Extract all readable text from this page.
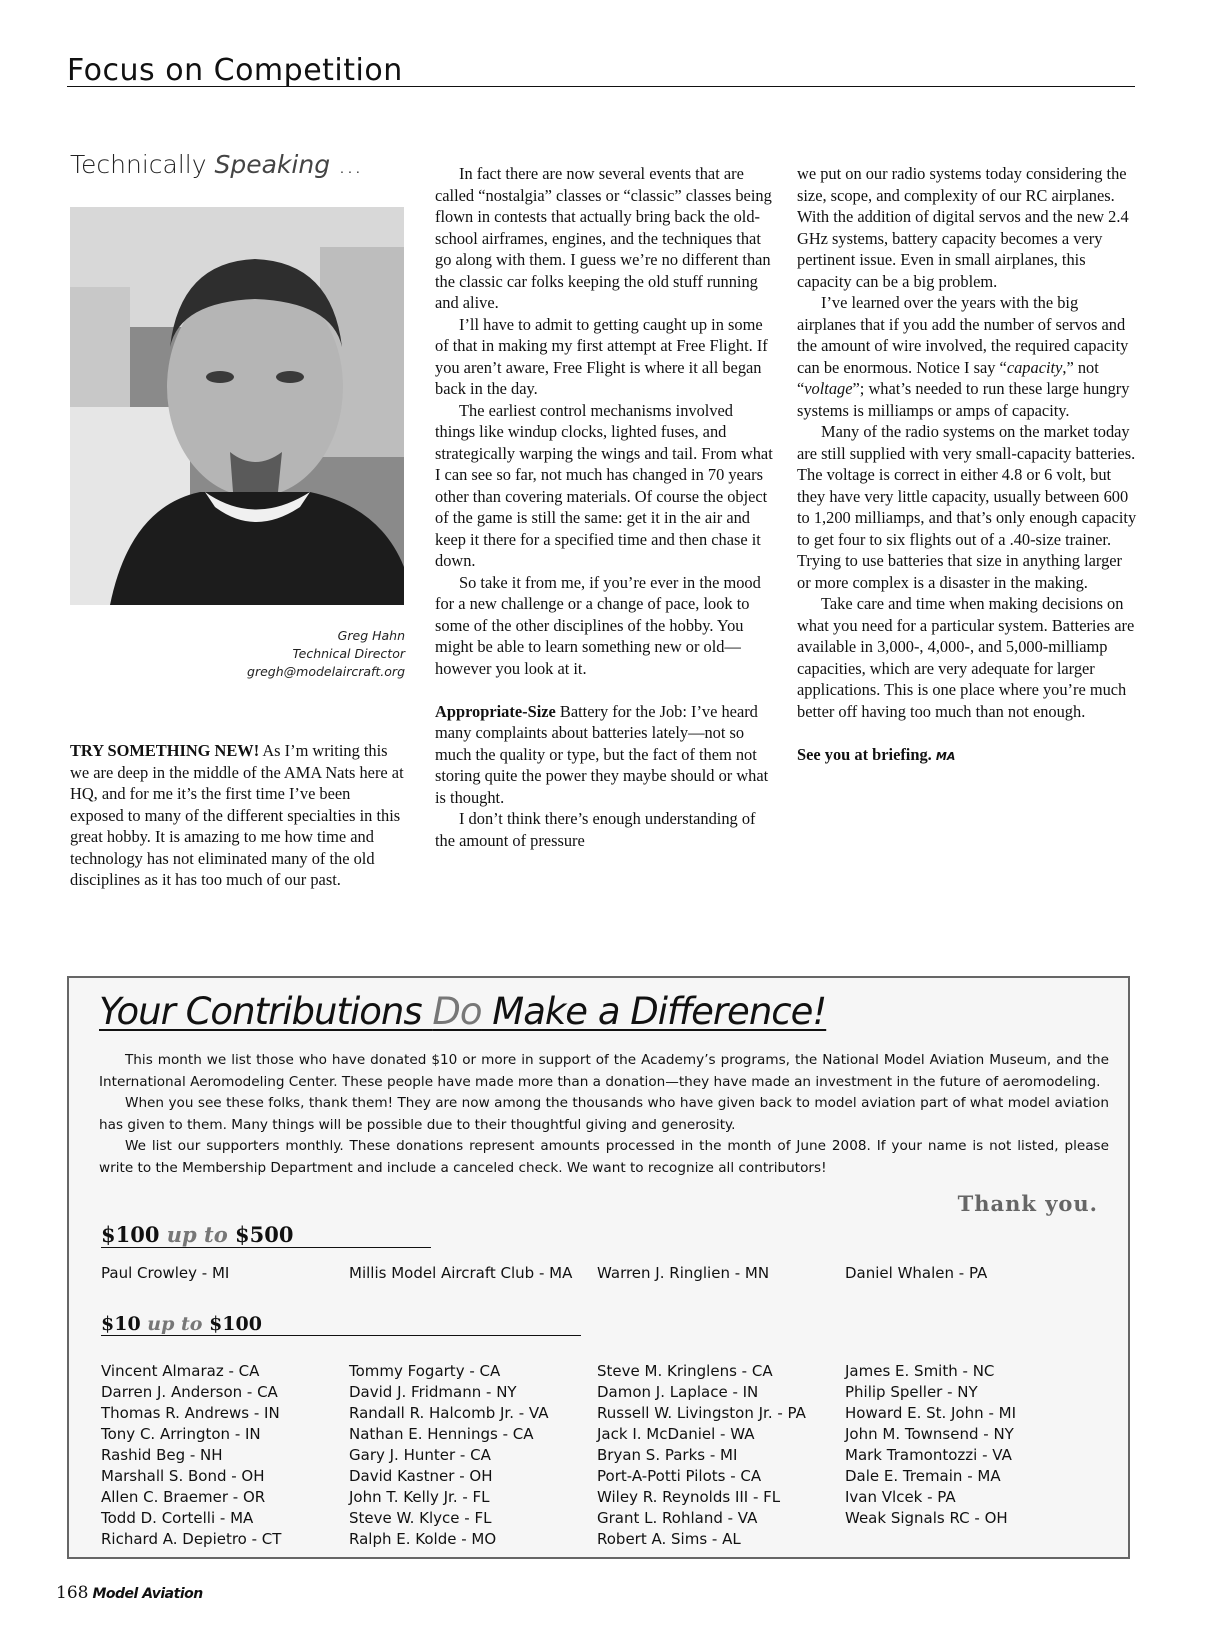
Focus on Competition
Technically Speaking ...
Greg Hahn
Technical Director
gregh@modelaircraft.org

TRY SOMETHING NEW! As I’m writing this we are deep in the middle of the AMA Nats here at HQ, and for me it’s the first time I’ve been exposed to many of the different specialties in this great hobby. It is amazing to me how time and technology has not eliminated many of the old disciplines as it has too much of our past.

In fact there are now several events that are called “nostalgia” classes or “classic” classes being flown in contests that actually bring back the old-school airframes, engines, and the techniques that go along with them. I guess we’re no different than the classic car folks keeping the old stuff running and alive.

I’ll have to admit to getting caught up in some of that in making my first attempt at Free Flight. If you aren’t aware, Free Flight is where it all began back in the day.

The earliest control mechanisms involved things like windup clocks, lighted fuses, and strategically warping the wings and tail. From what I can see so far, not much has changed in 70 years other than covering materials. Of course the object of the game is still the same: get it in the air and keep it there for a specified time and then chase it down.

So take it from me, if you’re ever in the mood for a new challenge or a change of pace, look to some of the other disciplines of the hobby. You might be able to learn something new or old—however you look at it.

Appropriate-Size Battery for the Job: I’ve heard many complaints about batteries lately—not so much the quality or type, but the fact of them not storing quite the power they maybe should or what is thought.

I don’t think there’s enough understanding of the amount of pressure

we put on our radio systems today considering the size, scope, and complexity of our RC airplanes. With the addition of digital servos and the new 2.4 GHz systems, battery capacity becomes a very pertinent issue. Even in small airplanes, this capacity can be a big problem.

I’ve learned over the years with the big airplanes that if you add the number of servos and the amount of wire involved, the required capacity can be enormous. Notice I say “capacity,” not “voltage”; what’s needed to run these large hungry systems is milliamps or amps of capacity.

Many of the radio systems on the market today are still supplied with very small-capacity batteries. The voltage is correct in either 4.8 or 6 volt, but they have very little capacity, usually between 600 to 1,200 milliamps, and that’s only enough capacity to get four to six flights out of a .40-size trainer. Trying to use batteries that size in anything larger or more complex is a disaster in the making.

Take care and time when making decisions on what you need for a particular system. Batteries are available in 3,000-, 4,000-, and 5,000-milliamp capacities, which are very adequate for larger applications. This is one place where you’re much better off having too much than not enough.

See you at briefing. MA

Your Contributions Do Make a Difference!

This month we list those who have donated $10 or more in support of the Academy’s programs, the National Model Aviation Museum, and the International Aeromodeling Center. These people have made more than a donation—they have made an investment in the future of aeromodeling.

When you see these folks, thank them! They are now among the thousands who have given back to model aviation part of what model aviation has given to them. Many things will be possible due to their thoughtful giving and generosity.

We list our supporters monthly. These donations represent amounts processed in the month of June 2008. If your name is not listed, please write to the Membership Department and include a canceled check. We want to recognize all contributors!

Thank you.
$100 up to $500
Paul Crowley - MI	Millis Model Aircraft Club - MA Warren J. Ringlien - MN	Daniel Whalen - PA
$10 up to $100
Vincent Almaraz - CA
Darren J. Anderson - CA
Thomas R. Andrews - IN
Tony C. Arrington - IN
Rashid Beg - NH
Marshall S. Bond - OH
Allen C. Braemer - OR
Todd D. Cortelli - MA
Richard A. Depietro - CT
Tommy Fogarty - CA
David J. Fridmann - NY
Randall R. Halcomb Jr. - VA
Nathan E. Hennings - CA
Gary J. Hunter - CA
David Kastner - OH
John T. Kelly Jr. - FL
Steve W. Klyce - FL
Ralph E. Kolde - MO
Steve M. Kringlens - CA
Damon J. Laplace - IN
Russell W. Livingston Jr. - PA
Jack I. McDaniel - WA
Bryan S. Parks - MI
Port-A-Potti Pilots - CA
Wiley R. Reynolds III - FL
Grant L. Rohland - VA
Robert A. Sims - AL
James E. Smith - NC
Philip Speller - NY
Howard E. St. John - MI
John M. Townsend - NY
Mark Tramontozzi - VA
Dale E. Tremain - MA
Ivan Vlcek - PA
Weak Signals RC - OH
168 Model Aviation
